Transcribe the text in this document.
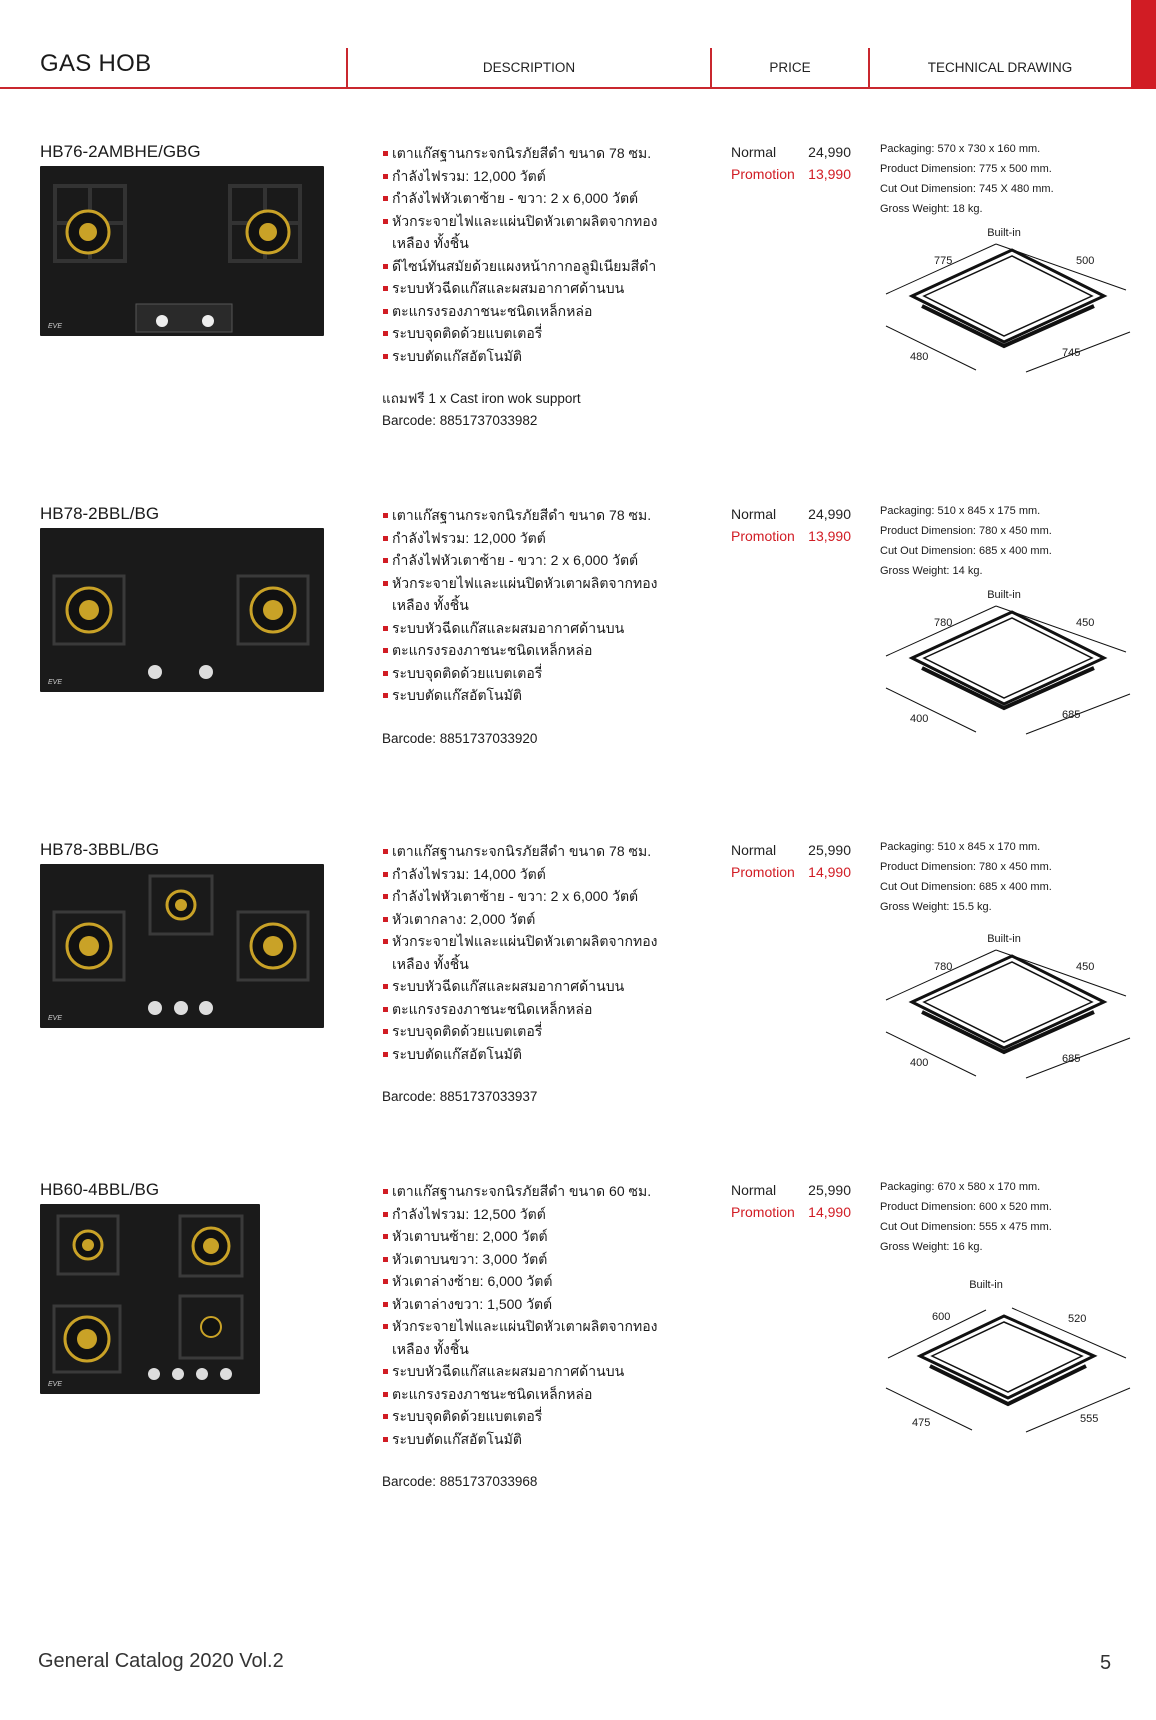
GAS HOB	DESCRIPTION	PRICE	TECHNICAL DRAWING
HB76-2AMBHE/GBG
EVE
เตาแก๊สฐานกระจกนิรภัยสีดำ ขนาด 78 ซม.
กำลังไฟรวม: 12,000 วัตต์
กำลังไฟหัวเตาซ้าย - ขวา: 2 x 6,000 วัตต์
หัวกระจายไฟและแผ่นปิดหัวเตาผลิตจากทองเหลือง ทั้งชิ้น
ดีไซน์ทันสมัยด้วยแผงหน้ากากอลูมิเนียมสีดำ
ระบบหัวฉีดแก๊สและผสมอากาศด้านบน
ตะแกรงรองภาชนะชนิดเหล็กหล่อ
ระบบจุดติดด้วยแบตเตอรี่
ระบบตัดแก๊สอัตโนมัติ
แถมฟรี 1 x Cast iron wok support
Barcode: 8851737033982
Normal 24,990
Promotion 13,990
Packaging: 570 x 730 x 160 mm.
Product Dimension: 775 x 500 mm.
Cut Out Dimension: 745 X 480 mm.
Gross Weight: 18 kg.
Built-in
775	500
480	745
HB78-2BBL/BG
EVE
เตาแก๊สฐานกระจกนิรภัยสีดำ ขนาด 78 ซม.
กำลังไฟรวม: 12,000 วัตต์
กำลังไฟหัวเตาซ้าย - ขวา: 2 x 6,000 วัตต์
หัวกระจายไฟและแผ่นปิดหัวเตาผลิตจากทองเหลือง ทั้งชิ้น
ระบบหัวฉีดแก๊สและผสมอากาศด้านบน
ตะแกรงรองภาชนะชนิดเหล็กหล่อ
ระบบจุดติดด้วยแบตเตอรี่
ระบบตัดแก๊สอัตโนมัติ
Barcode: 8851737033920
Normal 24,990
Promotion 13,990
Packaging: 510 x 845 x 175 mm.
Product Dimension: 780 x 450 mm.
Cut Out Dimension: 685 x 400 mm.
Gross Weight: 14 kg.
Built-in
780	450
400	685
HB78-3BBL/BG
EVE
เตาแก๊สฐานกระจกนิรภัยสีดำ ขนาด 78 ซม.
กำลังไฟรวม: 14,000 วัตต์
กำลังไฟหัวเตาซ้าย - ขวา: 2 x 6,000 วัตต์
หัวเตากลาง: 2,000 วัตต์
หัวกระจายไฟและแผ่นปิดหัวเตาผลิตจากทองเหลือง ทั้งชิ้น
ระบบหัวฉีดแก๊สและผสมอากาศด้านบน
ตะแกรงรองภาชนะชนิดเหล็กหล่อ
ระบบจุดติดด้วยแบตเตอรี่
ระบบตัดแก๊สอัตโนมัติ
Barcode: 8851737033937
Normal 25,990
Promotion 14,990
Packaging: 510 x 845 x 170 mm.
Product Dimension: 780 x 450 mm.
Cut Out Dimension: 685 x 400 mm.
Gross Weight: 15.5 kg.
Built-in
780	450
400	685
HB60-4BBL/BG
EVE
เตาแก๊สฐานกระจกนิรภัยสีดำ ขนาด 60 ซม.
กำลังไฟรวม: 12,500 วัตต์
หัวเตาบนซ้าย: 2,000 วัตต์
หัวเตาบนขวา: 3,000 วัตต์
หัวเตาล่างซ้าย: 6,000 วัตต์
หัวเตาล่างขวา: 1,500 วัตต์
หัวกระจายไฟและแผ่นปิดหัวเตาผลิตจากทองเหลือง ทั้งชิ้น
ระบบหัวฉีดแก๊สและผสมอากาศด้านบน
ตะแกรงรองภาชนะชนิดเหล็กหล่อ
ระบบจุดติดด้วยแบตเตอรี่
ระบบตัดแก๊สอัตโนมัติ
Barcode: 8851737033968
Normal 25,990
Promotion 14,990
Packaging: 670 x 580 x 170 mm.
Product Dimension: 600 x 520 mm.
Cut Out Dimension: 555 x 475 mm.
Gross Weight: 16 kg.
Built-in
600	520
475	555
General Catalog 2020 Vol.2	5
